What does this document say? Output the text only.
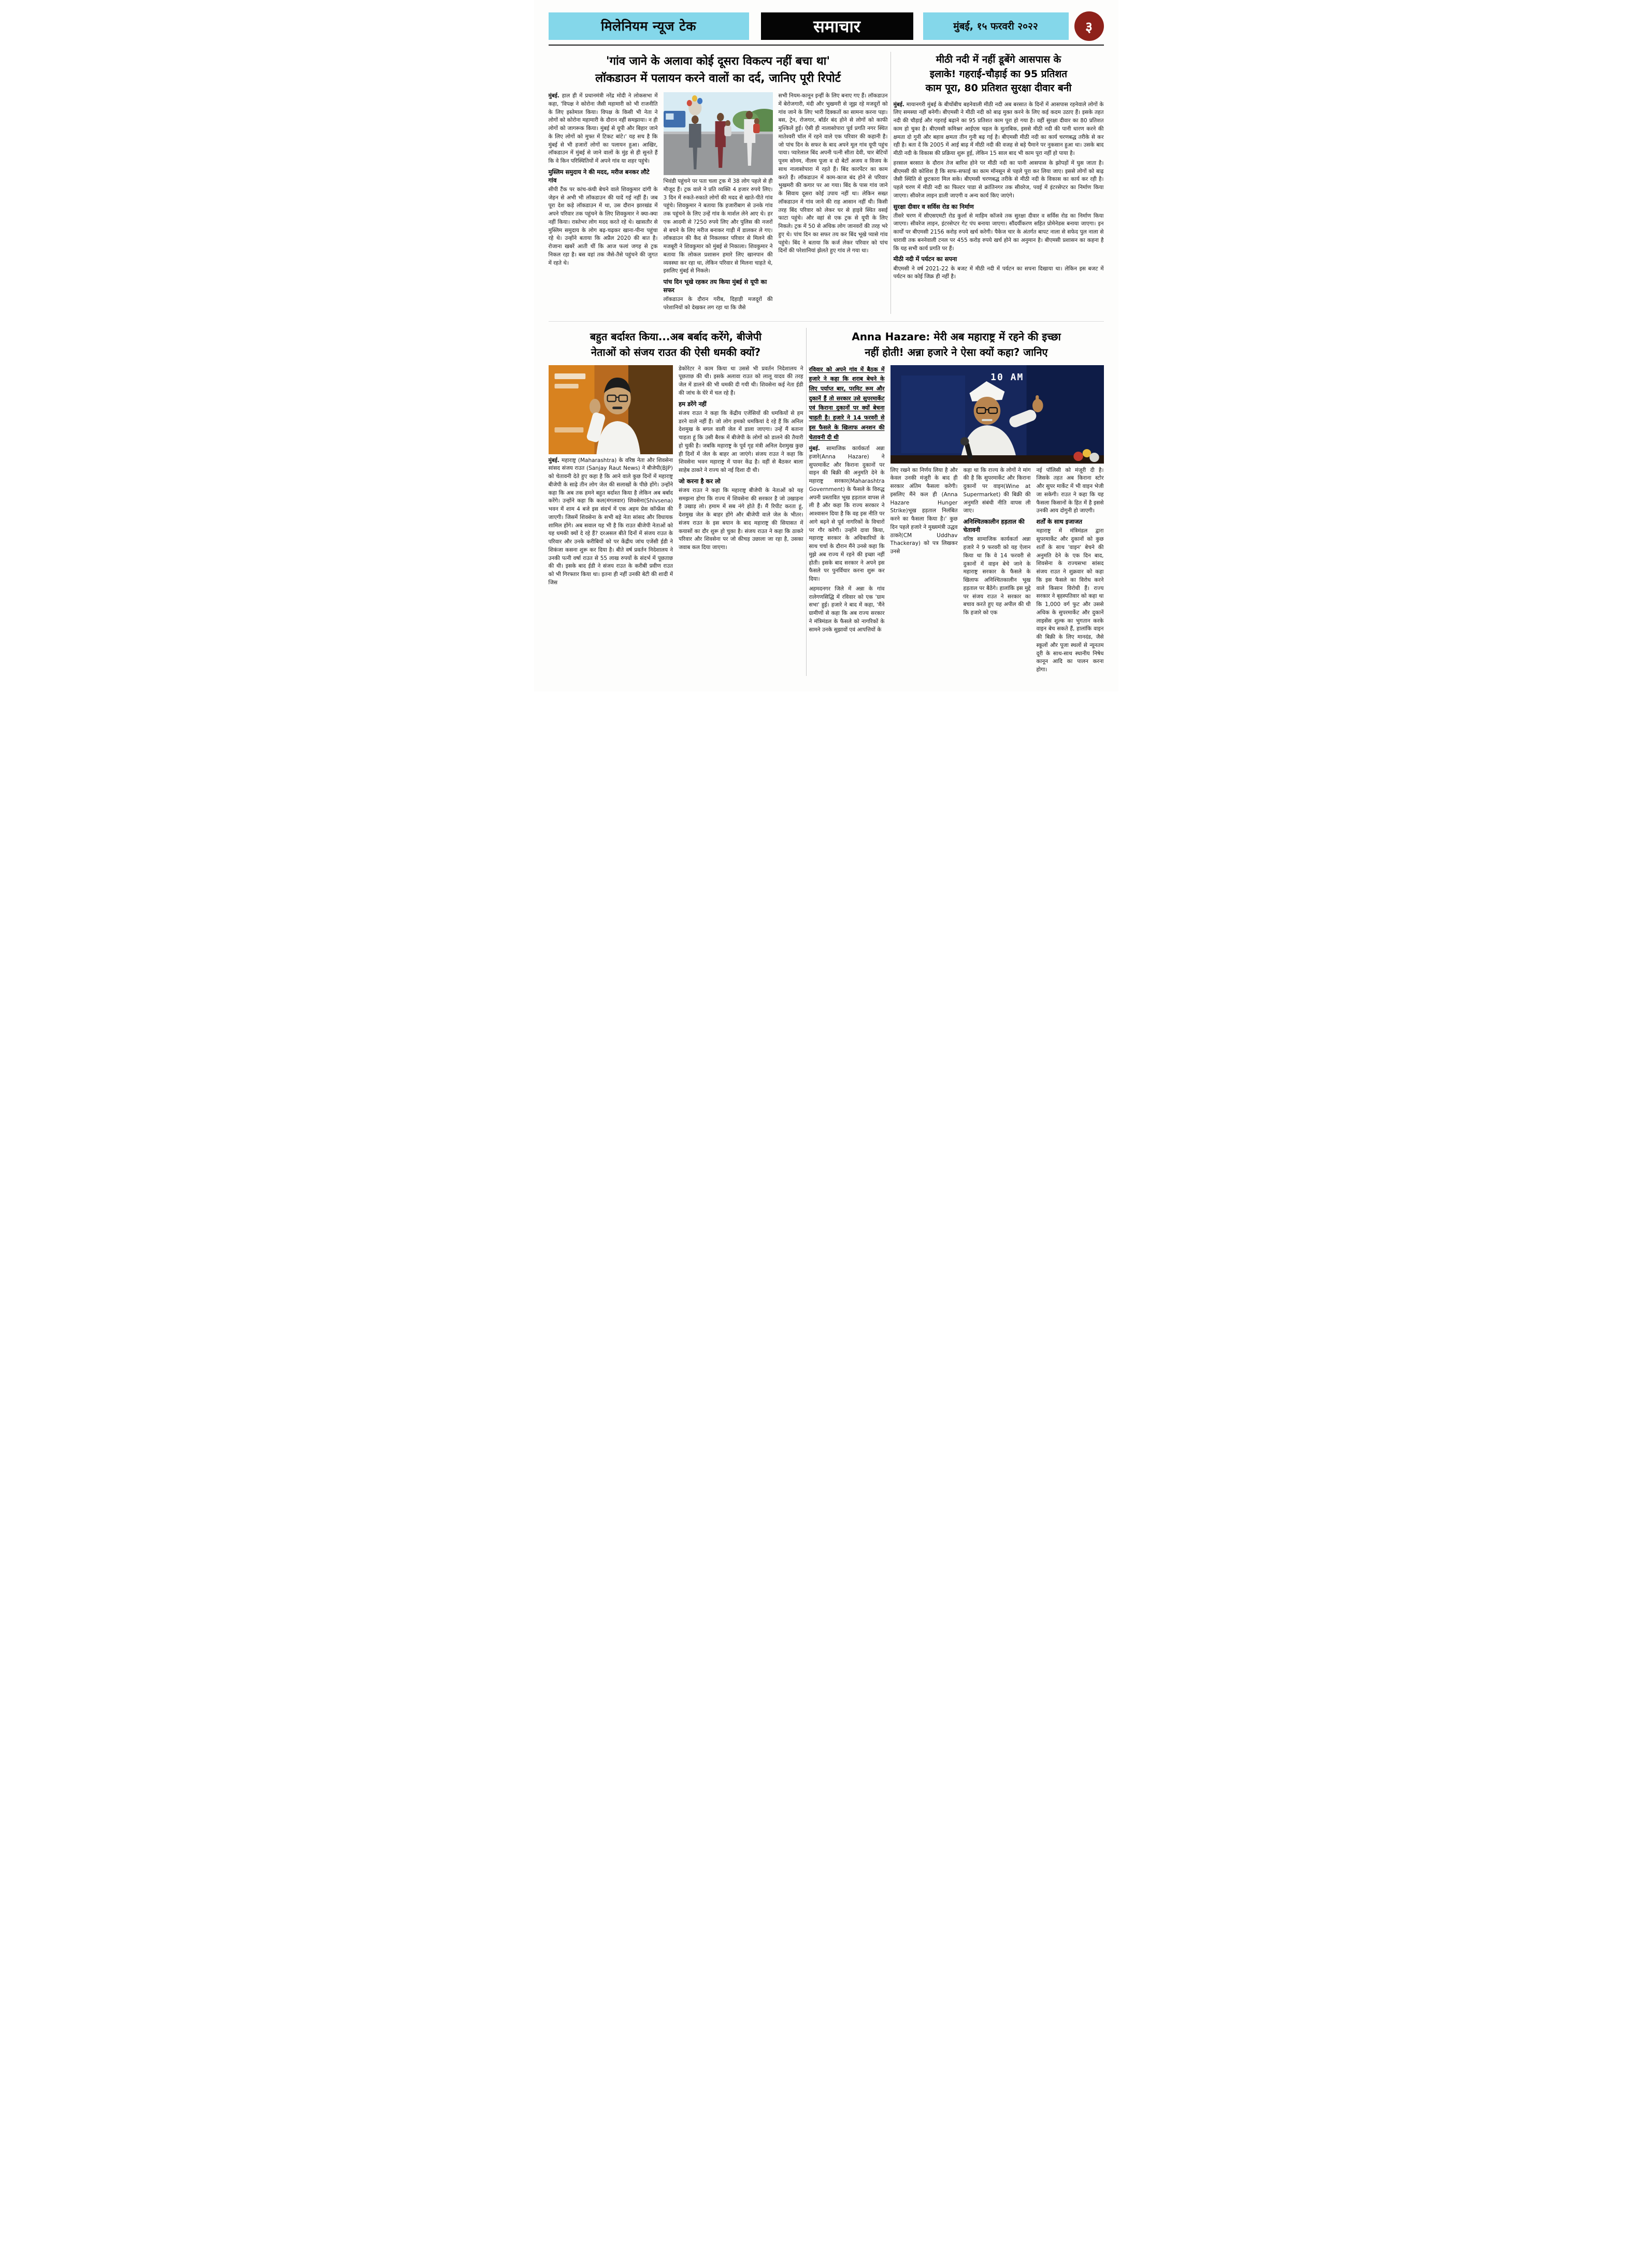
मिलेनियम न्यूज टेक	समाचार	मुंबई, १५ फरवरी २०२२	३
'गांव जाने के अलावा कोई दूसरा विकल्प नहीं बचा था'
लॉकडाउन में पलायन करने वालों का दर्द, जानिए पूरी रिपोर्ट

मुंबई. हाल ही में प्रधानमंत्री नरेंद्र मोदी ने लोकसभा में कहा, 'विपक्ष ने कोरोना जैसी महामारी को भी राजनीति के लिए इस्तेमाल किया। विपक्ष के किसी भी नेता ने लोगों को कोरोना महामारी के दौरान नहीं समझाया। न ही लोगों को जागरूक किया। मुंबई से यूपी और बिहार जाने के लिए लोगों को मुफ्त में टिकट बांटे।' यह सच है कि मुंबई से भी हजारों लोगों का पलायन हुआ। आखिर, लॉकडाउन में मुंबई से जाने वालों के मुंह से ही सुनते हैं कि वे किन परिस्थितियों में अपने गांव या शहर पहुंचे।

मुस्लिम समुदाय ने की मदद, मरीज बनकर लौटे गांव

सीपी टैंक पर कांच-कंघी बेचने वाले शिवकुमार दांगी के जेहन से अभी भी लॉकडाउन की यादें गई नहीं हैं। जब पूरा देश कड़े लॉकडाउन में था, उस दौरान झारखंड में अपने परिवार तक पहुंचने के लिए शिवकुमार ने क्या-क्या नहीं किया। रास्तेभर लोग मदद करते रहे थे। खासतौर से मुस्लिम समुदाय के लोग बढ़-चढ़कर खाना-पीना पहुंचा रहे थे। उन्होंने बताया कि अप्रैल 2020 की बात है। रोजाना खबरें आती थीं कि आज फलां जगह से ट्रक निकल रहा है। बस वहां तक जैसे-तैसे पहुंचने की जुगत में रहते थे।

भिवंडी पहुंचने पर पता चला ट्रक में 38 लोग पहले से ही मौजूद हैं। ट्रक वाले ने प्रति व्यक्ति 4 हजार रुपये लिए। 3 दिन में रुकते-रुकाते लोगों की मदद से खाते-पीते गांव पहुंचे। शिवकुमार ने बताया कि हजारीबाग से उनके गांव तक पहुंचने के लिए उन्हें गांव के मार्शल लेने आए थे। हर एक आदमी से ?250 रुपये लिए और पुलिस की नजरों से बचने के लिए मरीज बनाकर गाड़ी में डालकर ले गए। लॉकडाउन की कैद से निकलकर परिवार से मिलने की मजबूरी ने शिवकुमार को मुंबई से निकाला। शिवकुमार ने बताया कि लोकल प्रशासन हमारे लिए खानपान की व्यवस्था कर रहा था, लेकिन परिवार से मिलना चाहते थे, इसलिए मुंबई से निकले।

पांच दिन भूखे रहकर तय किया मुंबई से यूपी का सफर

लॉकडाउन के दौरान गरीब, दिहाड़ी मजदूरों की परेशानियों को देखकर लग रहा था कि जैसे

सभी नियम-कानून इन्हीं के लिए बनाए गए हैं। लॉकडाउन में बेरोजगारी, मंदी और भुखमरी से जूझ रहे मजदूरों को गांव जाने के लिए भारी दिक्कतों का सामना करना पड़ा। बस, ट्रेन, रोजगार, बॉर्डर बंद होने से लोगों को काफी मुश्किलें हुईं। ऐसी ही नालासोपारा पूर्व प्रगति नगर स्थित मातेश्वरी चॉल में रहने वाले एक परिवार की कहानी है। जो पांच दिन के सफर के बाद अपने मूल गांव यूपी पहुंच पाया। प्यारेलाल बिंद अपनी पत्नी सीता देवी, चार बेटियों पूनम सोनम, नीलम पूजा व दो बेटों अजय व विजय के साथ नालासोपारा में रहते हैं। बिंद कारपेंटर का काम करते हैं। लॉकडाउन में काम-काज बंद होने से परिवार भुखमरी की कगार पर आ गया। बिंद के पास गांव जाने के सिवाय दूसरा कोई उपाय नहीं था। लेकिन सख्त लॉकडाउन में गांव जाने की राह आसान नहीं थी। किसी तरह बिंद परिवार को लेकर घर से हाइवे स्थित वसई फाटा पहुंचे। और वहां से एक ट्रक से यूपी के लिए निकले। ट्रक में 50 से अधिक लोग जानवरों की तरह भरे हुए थे। पांच दिन का सफर तय कर बिंद भूखे प्यासे गांव पहुंचे। बिंद ने बताया कि कर्ज लेकर परिवार को पांच दिनों की परेशानियां झेलते हुए गांव ले गया था।

मीठी नदी में नहीं डूबेंगे आसपास के
इलाके! गहराई-चौड़ाई का 95 प्रतिशत
काम पूरा, 80 प्रतिशत सुरक्षा दीवार बनी

मुंबई. मायानगरी मुंबई के बीचोंबीच बहनेवाली मीठी नदी अब बरसात के दिनों में आसपास रहनेवाले लोगों के लिए समस्या नहीं बनेगी। बीएमसी ने मीठी नदी को बाढ़ मुक्त करने के लिए कई कदम उठाए हैं। इसके तहत नदी की चौड़ाई और गहराई बढ़ाने का 95 प्रतिशत काम पूरा हो गया है। वहीं सुरक्षा दीवार का 80 प्रतिशत काम हो चुका है। बीएमसी कमिश्नर आईएस चहल के मुताबिक, इससे मीठी नदी की पानी धारण करने की क्षमता दो गुनी और बहाव क्षमता तीन गुनी बढ़ गई है। बीएमसी मीठी नदी का कार्य चरणबद्ध तरीके से कर रही है। बता दें कि 2005 में आई बाढ़ में मीठी नदी की वजह से बड़े पैमाने पर नुकसान हुआ था। उसके बाद मीठी नदी के विकास की प्रक्रिया शुरू हुई, लेकिन 15 साल बाद भी काम पूरा नहीं हो पाया है।

हरसाल बरसात के दौरान तेज बारिश होने पर मीठी नदी का पानी आसपास के झोपड़ों में घुस जाता है। बीएमसी की कोशिश है कि साफ-सफाई का काम मॉनसून से पहले पूरा कर लिया जाए। इससे लोगों को बाढ़ जैसी स्थिति से छुटकारा मिल सके। बीएमसी चरणबद्ध तरीके से मीठी नदी के विकास का कार्य कर रही है। पहले चरण में मीठी नदी का फिल्टर पाडा से क्रांतिनगर तक सीवरेज, पवई में इंटरसेप्टर का निर्माण किया जाएगा। सीवरेज लाइन डाली जाएगी व अन्य कार्य किए जाएंगे।

सुरक्षा दीवार व सर्विस रोड का निर्माण

तीसरे चरण में सीएसएमटी रोड कुर्ला से माहिम कॉजवे तक सुरक्षा दीवार व सर्विस रोड का निर्माण किया जाएगा। सीवरेज लाइन, इंटरसेप्टर गेट पंप बनाया जाएगा। सौंदर्यीकरण सहित प्रोमेनेडस बनाया जाएगा। इन कार्यों पर बीएमसी 2156 करोड़ रुपये खर्च करेगी। पैकेज चार के अंतर्गत बापट नाला से सफेद पुल नाला से धारावी तक बननेवाली टनल पर 455 करोड़ रुपये खर्च होने का अनुमान है। बीएमसी प्रशासन का कहना है कि यह सभी कार्य प्रगति पर हैं।

मीठी नदी में पर्यटन का सपना

बीएमसी ने वर्ष 2021-22 के बजट में मीठी नदी में पर्यटन का सपना दिखाया था। लेकिन इस बजट में पर्यटन का कोई जिक्र ही नहीं है।

बहुत बर्दाश्त किया...अब बर्बाद करेंगे, बीजेपी
नेताओं को संजय राउत की ऐसी धमकी क्यों?

मुंबई. महाराष्ट्र (Maharashtra) के वरिष्ठ नेता और शिवसेना सांसद संजय राउत (Sanjay Raut News) ने बीजेपी(BJP) को चेतावनी देते हुए कहा है कि आने वाले कुछ दिनों में महाराष्ट्र बीजेपी के साढ़े तीन लोग जेल की सलाखों के पीछे होंगे। उन्होंने कहा कि अब तक हमने बहुत बर्दाश्त किया है लेकिन अब बर्बाद करेंगे। उन्होंने कहा कि कल(मंगलवार) शिवसेना(Shivsena) भवन में शाम 4 बजे इस संदर्भ में एक अहम प्रेस कॉन्फ्रेंस की जाएगी। जिसमें शिवसेना के सभी बड़े नेता सांसद और विधायक शामिल होंगे। अब सवाल यह भी है कि राउत बीजेपी नेताओं को यह धमकी क्यों दे रहे हैं? दरअसल बीते दिनों में संजय राउत के परिवार और उनके करीबियों को पर केंद्रीय जांच एजेंसी ईडी ने शिकंजा कसना शुरू कर दिया है। बीते वर्ष प्रवर्तन निदेशालय ने उनकी पत्नी वर्षा राउत से 55 लाख रुपयों के संदर्भ में पूछताछ की थी। इसके बाद ईडी ने संजय राउत के करीबी प्रवीण राउत को भी गिरफ्तार किया था। इतना ही नहीं उनकी बेटी की शादी में जिस

डेकोरेटर ने काम किया था उससे भी प्रवर्तन निदेशालय ने पूछताछ की थी। इसके अलावा राउत को लालू यादव की तरह जेल में डालने की भी धमकी दी गयी थी। शिवसेना कई नेता ईडी की जांच के घेरे में चल रहे हैं।

हम डरेंगे नहीं

संजय राउत ने कहा कि केंद्रीय एजेंसियों की धमकियों से हम डरने वाले नहीं हैं। जो लोग हमको धमकियां दे रहे हैं कि अनिल देशमुख के बगल वाली जेल में डाला जाएगा। उन्हें मैं बताना चाहता हूं कि उसी बैरक में बीजेपी के लोगों को डालने की तैयारी हो चुकी है। जबकि महाराष्ट्र के पूर्व गृह मंत्री अनिल देशमुख कुछ ही दिनों में जेल के बाहर आ जाएंगे। संजय राउत ने कहा कि शिवसेना भवन महाराष्ट्र में पावर केंद्र है। वहीं से बैठकर बाला साहेब ठाकरे ने राज्य को नई दिशा दी थी।

जो करना है कर लो

संजय राउत ने कहा कि महाराष्ट्र बीजेपी के नेताओं को यह समझना होगा कि राज्य में शिवसेना की सरकार है जो उखाड़ना है उखाड़ लो। हमाम में सब नंगे होते हैं। मैं रिपीट करता हूं, देशमुख जेल के बाहर होंगे और बीजेपी वाले जेल के भीतर। संजय राउत के इस बयान के बाद महाराष्ट्र की सियासत में कयासों का दौर शुरू हो चुका है। संजय राउत ने कहा कि ठाकरे परिवार और शिवसेना पर जो कीचड़ उछाला जा रहा है, उसका जवाब कल दिया जाएगा।

Anna Hazare: मेरी अब महाराष्ट्र में रहने की इच्छा
नहीं होती! अन्ना हजारे ने ऐसा क्यों कहा? जानिए

रविवार को अपने गांव में बैठक में हजारे ने कहा कि शराब बेचने के लिए पर्याप्त बार, परमिट रूम और दुकानें हैं तो सरकार उसे सुपरमार्केट एवं किराना दुकानों पर क्यों बेचना चाहती है। हजारे ने 14 फरवरी से इस फैसले के खिलाफ अनशन की चेतावनी दी थी

मुंबई. सामाजिक कार्यकर्ता अन्ना हजारे(Anna Hazare) ने सुपरमार्केट और किराना दुकानों पर वाइन की बिक्री की अनुमति देने के महाराष्ट्र सरकार(Maharashtra Government) के फैसले के विरुद्ध अपनी प्रस्तावित भूख हड़ताल वापस ले ली है और कहा कि राज्य सरकार ने आश्वासन दिया है कि वह इस नीति पर आगे बढ़ने से पूर्व नागरिकों के विचारों पर गौर करेगी। उन्होंने दावा किया, महाराष्ट्र सरकार के अधिकारियों के साथ चर्चा के दौरान मैंने उनसे कहा कि मुझे अब राज्य में रहने की इच्छा नहीं होती। इसके बाद सरकार ने अपने इस फैसले पर पुनर्विचार करना शुरू कर दिया।

अहमदनगर जिले में अन्ना के गांव रालेगणसिद्धि में रविवार को एक 'ग्राम सभा' हुई। हजारे ने बाद में कहा, 'मैंने ग्रामीणों से कहा कि अब राज्य सरकार ने मंत्रिमंडल के फैसले को नागरिकों के सामने उनके सुझावों एवं आपत्तियों के

10 AM

लिए रखने का निर्णय लिया है और केवल उनकी मंजूरी के बाद ही सरकार अंतिम फैसला करेगी। इसलिए मैंने कल ही (Anna Hazare Hunger Strike)भूख हड़ताल निलंबित करने का फैसला किया है।' कुछ दिन पहले हजारे ने मुख्यमंत्री उद्धव ठाकरे(CM Uddhav Thackeray) को पत्र लिखकर उनसे

कहा था कि राज्य के लोगों ने मांग की है कि सुपरमार्केट और किराना दुकानों पर वाइन(Wine at Supermarket) की बिक्री की अनुमति संबंधी नीति वापस ली जाए।

अनिश्चितकालीन हड़ताल की चेतावनी

वरिष्ठ सामाजिक कार्यकर्ता अन्ना हजारे ने 9 फरवरी को यह ऐलान किया था कि वे 14 फरवरी से दुकानों में वाइन बेचे जाने के महाराष्ट्र सरकार के फैसले के खिलाफ अनिश्चितकालीन भूख हड़ताल पर बैठेंगे। हालांकि इस मुद्दे पर संजय राउत ने सरकार का बचाव करते हुए यह अपील की थी कि हजारे को एक

नई पॉलिसी को मंजूरी दी है। जिसके तहत अब किराना स्टोर और सुपर मार्केट में भी वाइन भेजी जा सकेगी। राउत ने कहा कि यह फैसला किसानों के हित में है इससे उनकी आय दोगुनी हो जाएगी।

शर्तों के साथ इजाजत

महाराष्ट्र में मंत्रिमंडल द्वारा सुपरमार्केट और दुकानों को कुछ शर्तों के साथ 'वाइन' बेचने की अनुमति देने के एक दिन बाद, शिवसेना के राज्यसभा सांसद संजय राउत ने शुक्रवार को कहा कि इस फैसले का विरोध करने वाले किसान विरोधी हैं। राज्य सरकार ने बृहस्पतिवार को कहा था कि 1,000 वर्ग फुट और उससे अधिक के सुपरमार्केट और दुकानें लाइसेंस शुल्क का भुगतान करके वाइन बेच सकते हैं, हालांकि वाइन की बिक्री के लिए मानदंड, जैसे स्कूलों और पूजा स्थलों से न्यूनतम दूरी के साथ-साथ स्थानीय निषेध कानून आदि का पालन करना होगा।
